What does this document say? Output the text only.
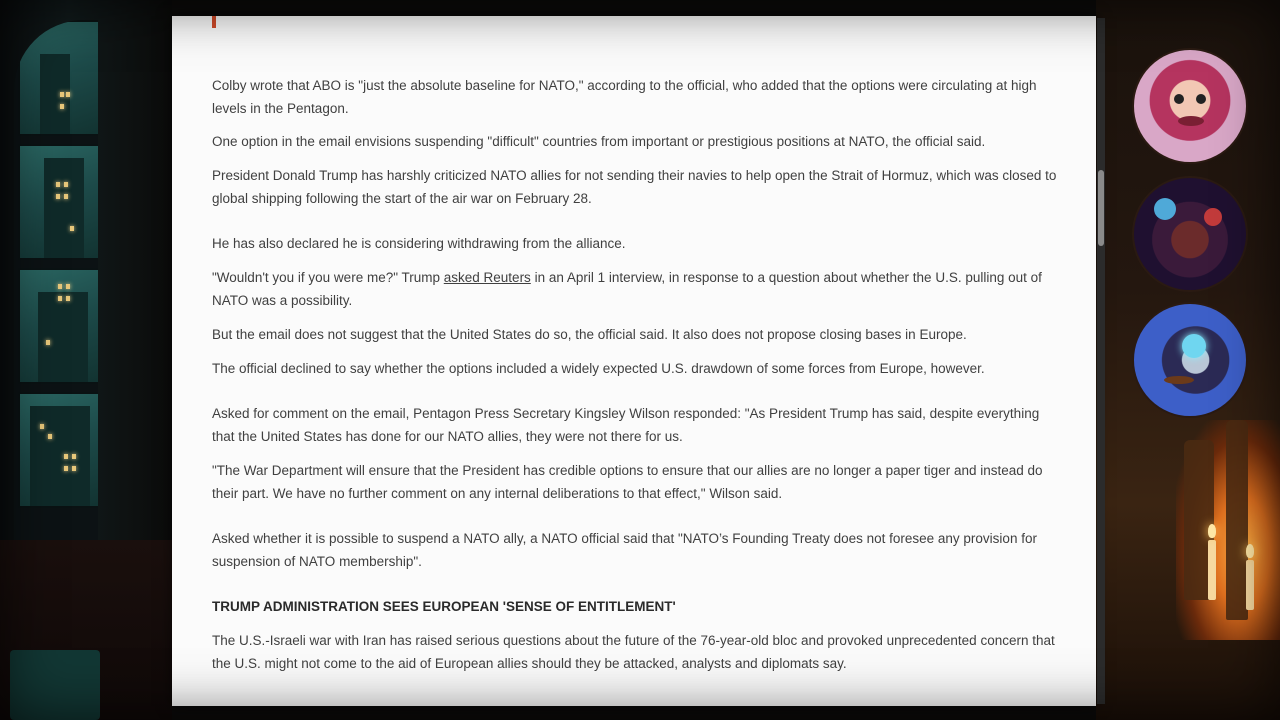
Colby wrote that ABO is "just the absolute baseline for NATO," according to the official, who added that the options were circulating at high levels in the Pentagon.

One option in the email envisions suspending "difficult" countries from important or prestigious positions at NATO, the official said.

President Donald Trump has harshly criticized NATO allies for not sending their navies to help open the Strait of Hormuz, which was closed to global shipping following the start of the air war on February 28.

He has also declared he is considering withdrawing from the alliance.

"Wouldn't you if you were me?" Trump asked Reuters in an April 1 interview, in response to a question about whether the U.S. pulling out of NATO was a possibility.

But the email does not suggest that the United States do so, the official said. It also does not propose closing bases in Europe.

The official declined to say whether the options included a widely expected U.S. drawdown of some forces from Europe, however.

Asked for comment on the email, Pentagon Press Secretary Kingsley Wilson responded: "As President Trump has said, despite everything that the United States has done for our NATO allies, they were not there for us.

"The War Department will ensure that the President has credible options to ensure that our allies are no longer a paper tiger and instead do their part. We have no further comment on any internal deliberations to that effect," Wilson said.

Asked whether it is possible to suspend a NATO ally, a NATO official said that "NATO’s Founding Treaty does not foresee any provision for suspension of NATO membership".

TRUMP ADMINISTRATION SEES EUROPEAN 'SENSE OF ENTITLEMENT'

The U.S.-Israeli war with Iran has raised serious questions about the future of the 76-year-old bloc and provoked unprecedented concern that the U.S. might not come to the aid of European allies should they be attacked, analysts and diplomats say.
